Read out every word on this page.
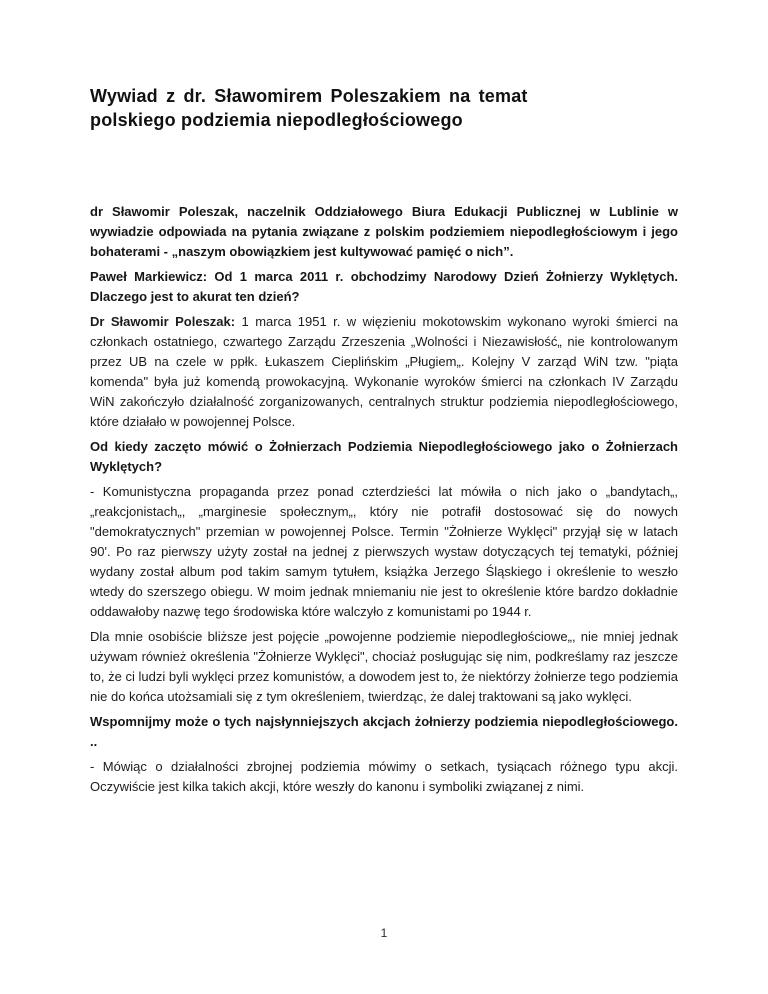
Wywiad z dr. Sławomirem Poleszakiem na temat
polskiego podziemia niepodległościowego

dr Sławomir Poleszak, naczelnik Oddziałowego Biura Edukacji Publicznej w Lublinie w wywiadzie odpowiada na pytania związane z polskim podziemiem niepodległościowym i jego bohaterami - „naszym obowiązkiem jest kultywować pamięć o nich”.

Paweł Markiewicz: Od 1 marca 2011 r. obchodzimy Narodowy Dzień Żołnierzy Wyklętych. Dlaczego jest to akurat ten dzień?

Dr Sławomir Poleszak: 1 marca 1951 r. w więzieniu mokotowskim wykonano wyroki śmierci na członkach ostatniego, czwartego Zarządu Zrzeszenia „Wolności i Niezawisłość„ nie kontrolowanym przez UB na czele w ppłk. Łukaszem Cieplińskim „Pługiem„. Kolejny V zarząd WiN tzw. "piąta komenda" była już komendą prowokacyjną. Wykonanie wyroków śmierci na członkach IV Zarządu WiN zakończyło działalność zorganizowanych, centralnych struktur podziemia niepodległościowego, które działało w powojennej Polsce.

Od kiedy zaczęto mówić o Żołnierzach Podziemia Niepodległościowego jako o Żołnierzach Wyklętych?

- Komunistyczna propaganda przez ponad czterdzieści lat mówiła o nich jako o „bandytach„, „reakcjonistach„, „marginesie społecznym„, który nie potrafił dostosować się do nowych "demokratycznych" przemian w powojennej Polsce. Termin "Żołnierze Wyklęci" przyjął się w latach 90'. Po raz pierwszy użyty został na jednej z pierwszych wystaw dotyczących tej tematyki, później wydany został album pod takim samym tytułem, książka Jerzego Śląskiego i określenie to weszło wtedy do szerszego obiegu. W moim jednak mniemaniu nie jest to określenie które bardzo dokładnie oddawałoby nazwę tego środowiska które walczyło z komunistami po 1944 r.

Dla mnie osobiście bliższe jest pojęcie „powojenne podziemie niepodległościowe„, nie mniej jednak używam również określenia "Żołnierze Wyklęci", chociaż posługując się nim, podkreślamy raz jeszcze to, że ci ludzi byli wyklęci przez komunistów, a dowodem jest to, że niektórzy żołnierze tego podziemia nie do końca utożsamiali się z tym określeniem, twierdząc, że dalej traktowani są jako wyklęci.

Wspomnijmy może o tych najsłynniejszych akcjach żołnierzy podziemia niepodległościowego.
..

- Mówiąc o działalności zbrojnej podziemia mówimy o setkach, tysiącach różnego typu akcji. Oczywiście jest kilka takich akcji, które weszły do kanonu i symboliki związanej z nimi.

1
